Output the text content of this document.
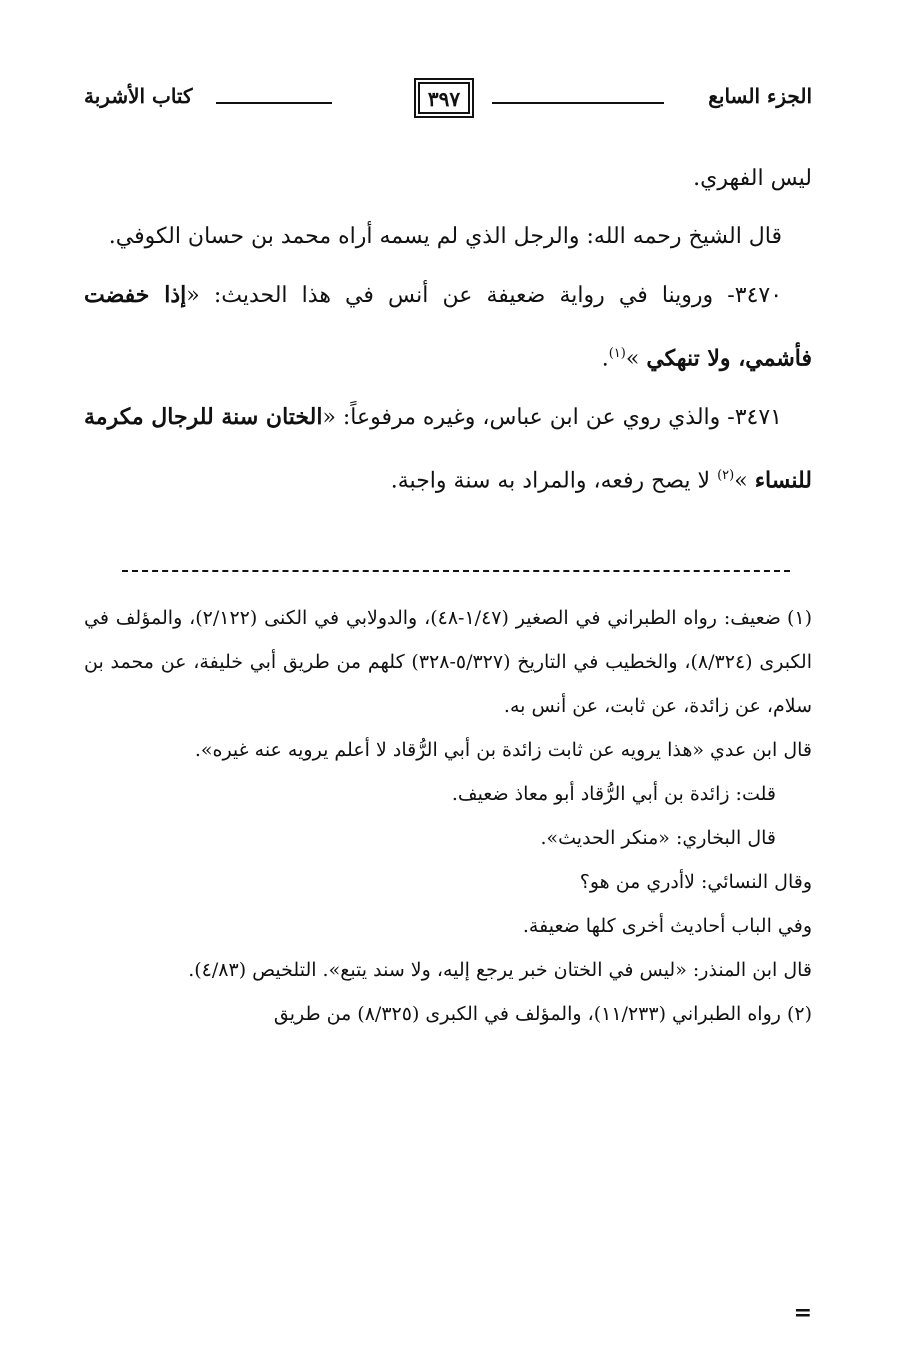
الجزء السابع
٣٩٧
كتاب الأشربة

ليس الفهري.

قال الشيخ رحمه الله: والرجل الذي لم يسمه أراه محمد بن حسان الكوفي.

٣٤٧٠- وروينا في رواية ضعيفة عن أنس في هذا الحديث: «إذا خفضت فأشمي، ولا تنهكي »$^{(١)}$.

٣٤٧١- والذي روي عن ابن عباس، وغيره مرفوعاً: «الختان سنة للرجال مكرمة للنساء »$^{(٢)}$ لا يصح رفعه، والمراد به سنة واجبة.

(١)ضعيف: رواه الطبراني في الصغير (١/٤٧-٤٨)، والدولابي في الكنى (٢/١٢٢)، والمؤلف في الكبرى (٨/٣٢٤)، والخطيب في التاريخ (٥/٣٢٧-٣٢٨) كلهم من طريق أبي خليفة، عن محمد بن سلام، عن زائدة، عن ثابت، عن أنس به.

قال ابن عدي «هذا يرويه عن ثابت زائدة بن أبي الرُّقاد لا أعلم يرويه عنه غيره».

قلت: زائدة بن أبي الرُّقاد أبو معاذ ضعيف.

قال البخاري: «منكر الحديث».

وقال النسائي: لاأدري من هو؟

وفي الباب أحاديث أخرى كلها ضعيفة.

قال ابن المنذر: «ليس في الختان خبر يرجع إليه، ولا سند يتبع». التلخيص (٤/٨٣).

(٢)رواه الطبراني (١١/٢٣٣)، والمؤلف في الكبرى (٨/٣٢٥) من طريق

=
